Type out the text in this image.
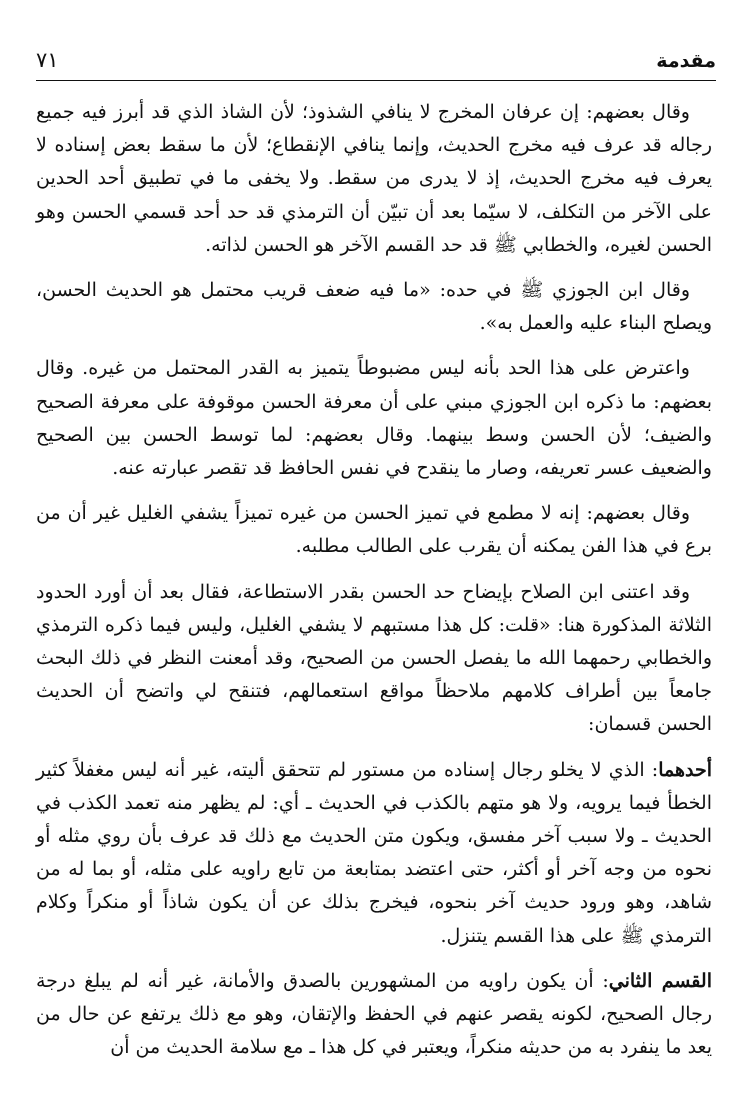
مقدمة
٧١

وقال بعضهم: إن عرفان المخرج لا ينافي الشذوذ؛ لأن الشاذ الذي قد أبرز فيه جميع رجاله قد عرف فيه مخرج الحديث، وإنما ينافي الإنقطاع؛ لأن ما سقط بعض إسناده لا يعرف فيه مخرج الحديث، إذ لا يدرى من سقط. ولا يخفى ما في تطبيق أحد الحدين على الآخر من التكلف، لا سيّما بعد أن تبيّن أن الترمذي قد حد أحد قسمي الحسن وهو الحسن لغيره، والخطابي ﷺ قد حد القسم الآخر هو الحسن لذاته.

وقال ابن الجوزي ﷺ في حده: «ما فيه ضعف قريب محتمل هو الحديث الحسن، ويصلح البناء عليه والعمل به».

واعترض على هذا الحد بأنه ليس مضبوطاً يتميز به القدر المحتمل من غيره. وقال بعضهم: ما ذكره ابن الجوزي مبني على أن معرفة الحسن موقوفة على معرفة الصحيح والضيف؛ لأن الحسن وسط بينهما. وقال بعضهم: لما توسط الحسن بين الصحيح والضعيف عسر تعريفه، وصار ما ينقدح في نفس الحافظ قد تقصر عبارته عنه.

وقال بعضهم: إنه لا مطمع في تميز الحسن من غيره تميزاً يشفي الغليل غير أن من برع في هذا الفن يمكنه أن يقرب على الطالب مطلبه.

وقد اعتنى ابن الصلاح بإيضاح حد الحسن بقدر الاستطاعة، فقال بعد أن أورد الحدود الثلاثة المذكورة هنا: «قلت: كل هذا مستبهم لا يشفي الغليل، وليس فيما ذكره الترمذي والخطابي رحمهما الله ما يفصل الحسن من الصحيح، وقد أمعنت النظر في ذلك البحث جامعاً بين أطراف كلامهم ملاحظاً مواقع استعمالهم، فتنقح لي واتضح أن الحديث الحسن قسمان:

أحدهما: الذي لا يخلو رجال إسناده من مستور لم تتحقق أليته، غير أنه ليس مغفلاً كثير الخطأ فيما يرويه، ولا هو متهم بالكذب في الحديث ـ أي: لم يظهر منه تعمد الكذب في الحديث ـ ولا سبب آخر مفسق، ويكون متن الحديث مع ذلك قد عرف بأن روي مثله أو نحوه من وجه آخر أو أكثر، حتى اعتضد بمتابعة من تابع راويه على مثله، أو بما له من شاهد، وهو ورود حديث آخر بنحوه، فيخرج بذلك عن أن يكون شاذاً أو منكراً وكلام الترمذي ﷺ على هذا القسم يتنزل.

القسم الثاني: أن يكون راويه من المشهورين بالصدق والأمانة، غير أنه لم يبلغ درجة رجال الصحيح، لكونه يقصر عنهم في الحفظ والإتقان، وهو مع ذلك يرتفع عن حال من يعد ما ينفرد به من حديثه منكراً، ويعتبر في كل هذا ـ مع سلامة الحديث من أن
